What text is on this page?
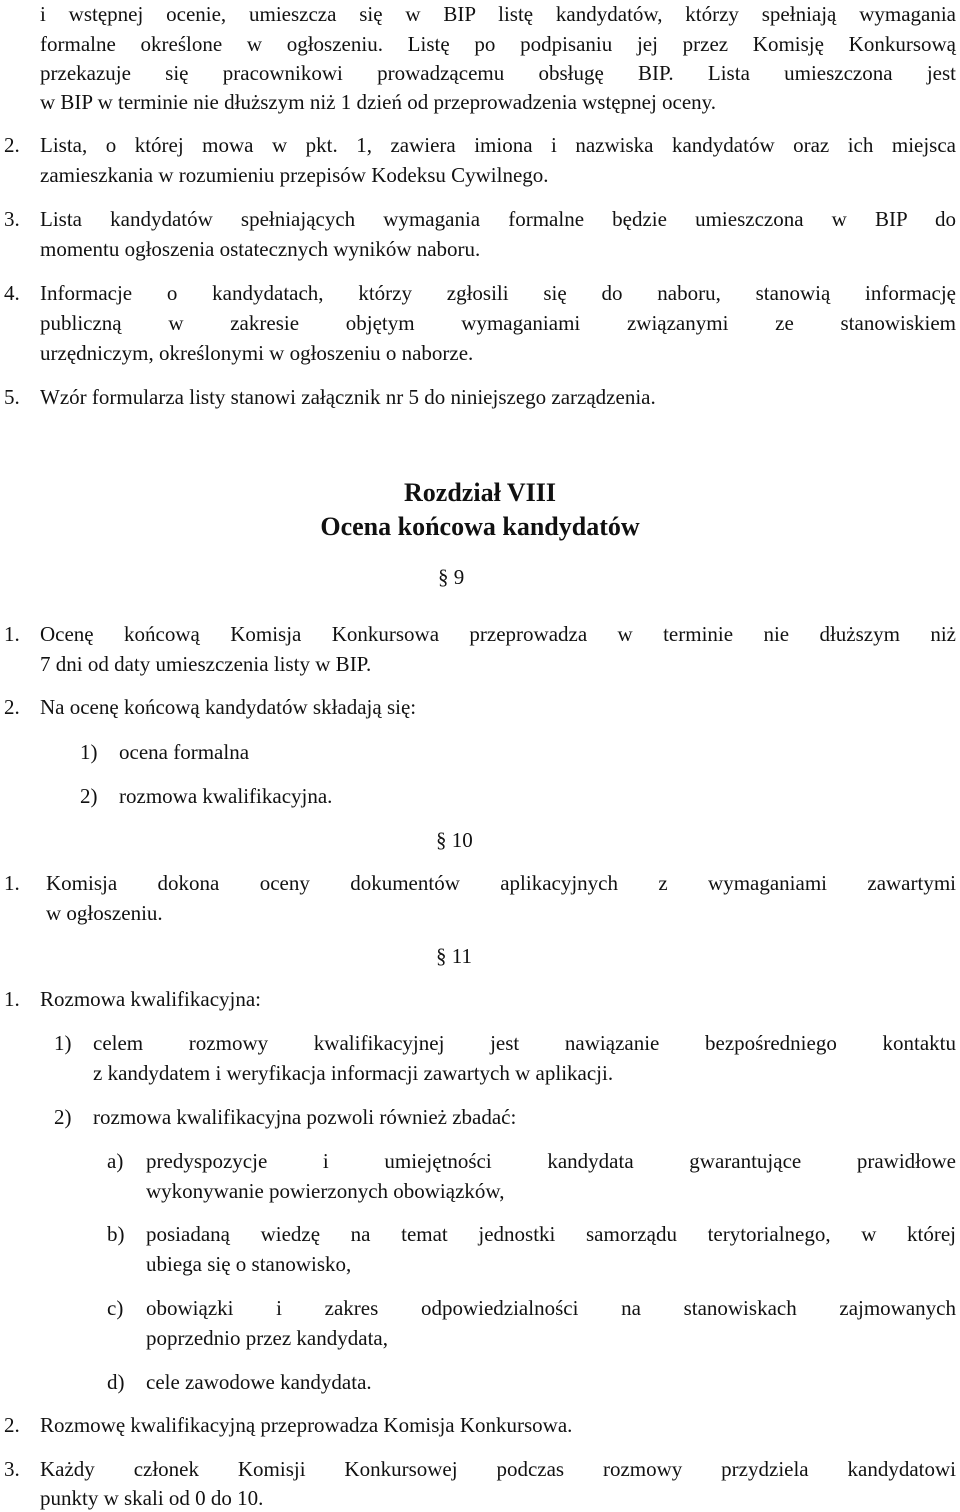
i wstępnej ocenie, umieszcza się w BIP listę kandydatów, którzy spełniają wymagania
formalne określone w ogłoszeniu. Listę po podpisaniu jej przez Komisję Konkursową
przekazuje się pracownikowi prowadzącemu obsługę BIP. Lista umieszczona jest
w BIP w terminie nie dłuższym niż 1 dzień od przeprowadzenia wstępnej oceny.
2. Lista, o której mowa w pkt. 1, zawiera imiona i nazwiska kandydatów oraz ich miejsca
zamieszkania w rozumieniu przepisów Kodeksu Cywilnego.
3. Lista kandydatów spełniających wymagania formalne będzie umieszczona w BIP do
momentu ogłoszenia ostatecznych wyników naboru.
4. Informacje o kandydatach, którzy zgłosili się do naboru, stanowią informację
publiczną w zakresie objętym wymaganiami związanymi ze stanowiskiem
urzędniczym, określonymi w ogłoszeniu o naborze.
5. Wzór formularza listy stanowi załącznik nr 5 do niniejszego zarządzenia.
Rozdział VIII
Ocena końcowa kandydatów
§ 9
1. Ocenę końcową Komisja Konkursowa przeprowadza w terminie nie dłuższym niż
7 dni od daty umieszczenia listy w BIP.
2. Na ocenę końcową kandydatów składają się:
1) ocena formalna
2) rozmowa kwalifikacyjna.
§ 10
1. Komisja dokona oceny dokumentów aplikacyjnych z wymaganiami zawartymi
w ogłoszeniu.
§ 11
1. Rozmowa kwalifikacyjna:
1) celem rozmowy kwalifikacyjnej jest nawiązanie bezpośredniego kontaktu
z kandydatem i weryfikacja informacji zawartych w aplikacji.
2) rozmowa kwalifikacyjna pozwoli również zbadać:
a) predyspozycje i umiejętności kandydata gwarantujące prawidłowe
wykonywanie powierzonych obowiązków,
b) posiadaną wiedzę na temat jednostki samorządu terytorialnego, w której
ubiega się o stanowisko,
c) obowiązki i zakres odpowiedzialności na stanowiskach zajmowanych
poprzednio przez kandydata,
d) cele zawodowe kandydata.
2. Rozmowę kwalifikacyjną przeprowadza Komisja Konkursowa.
3. Każdy członek Komisji Konkursowej podczas rozmowy przydziela kandydatowi
punkty w skali od 0 do 10.
